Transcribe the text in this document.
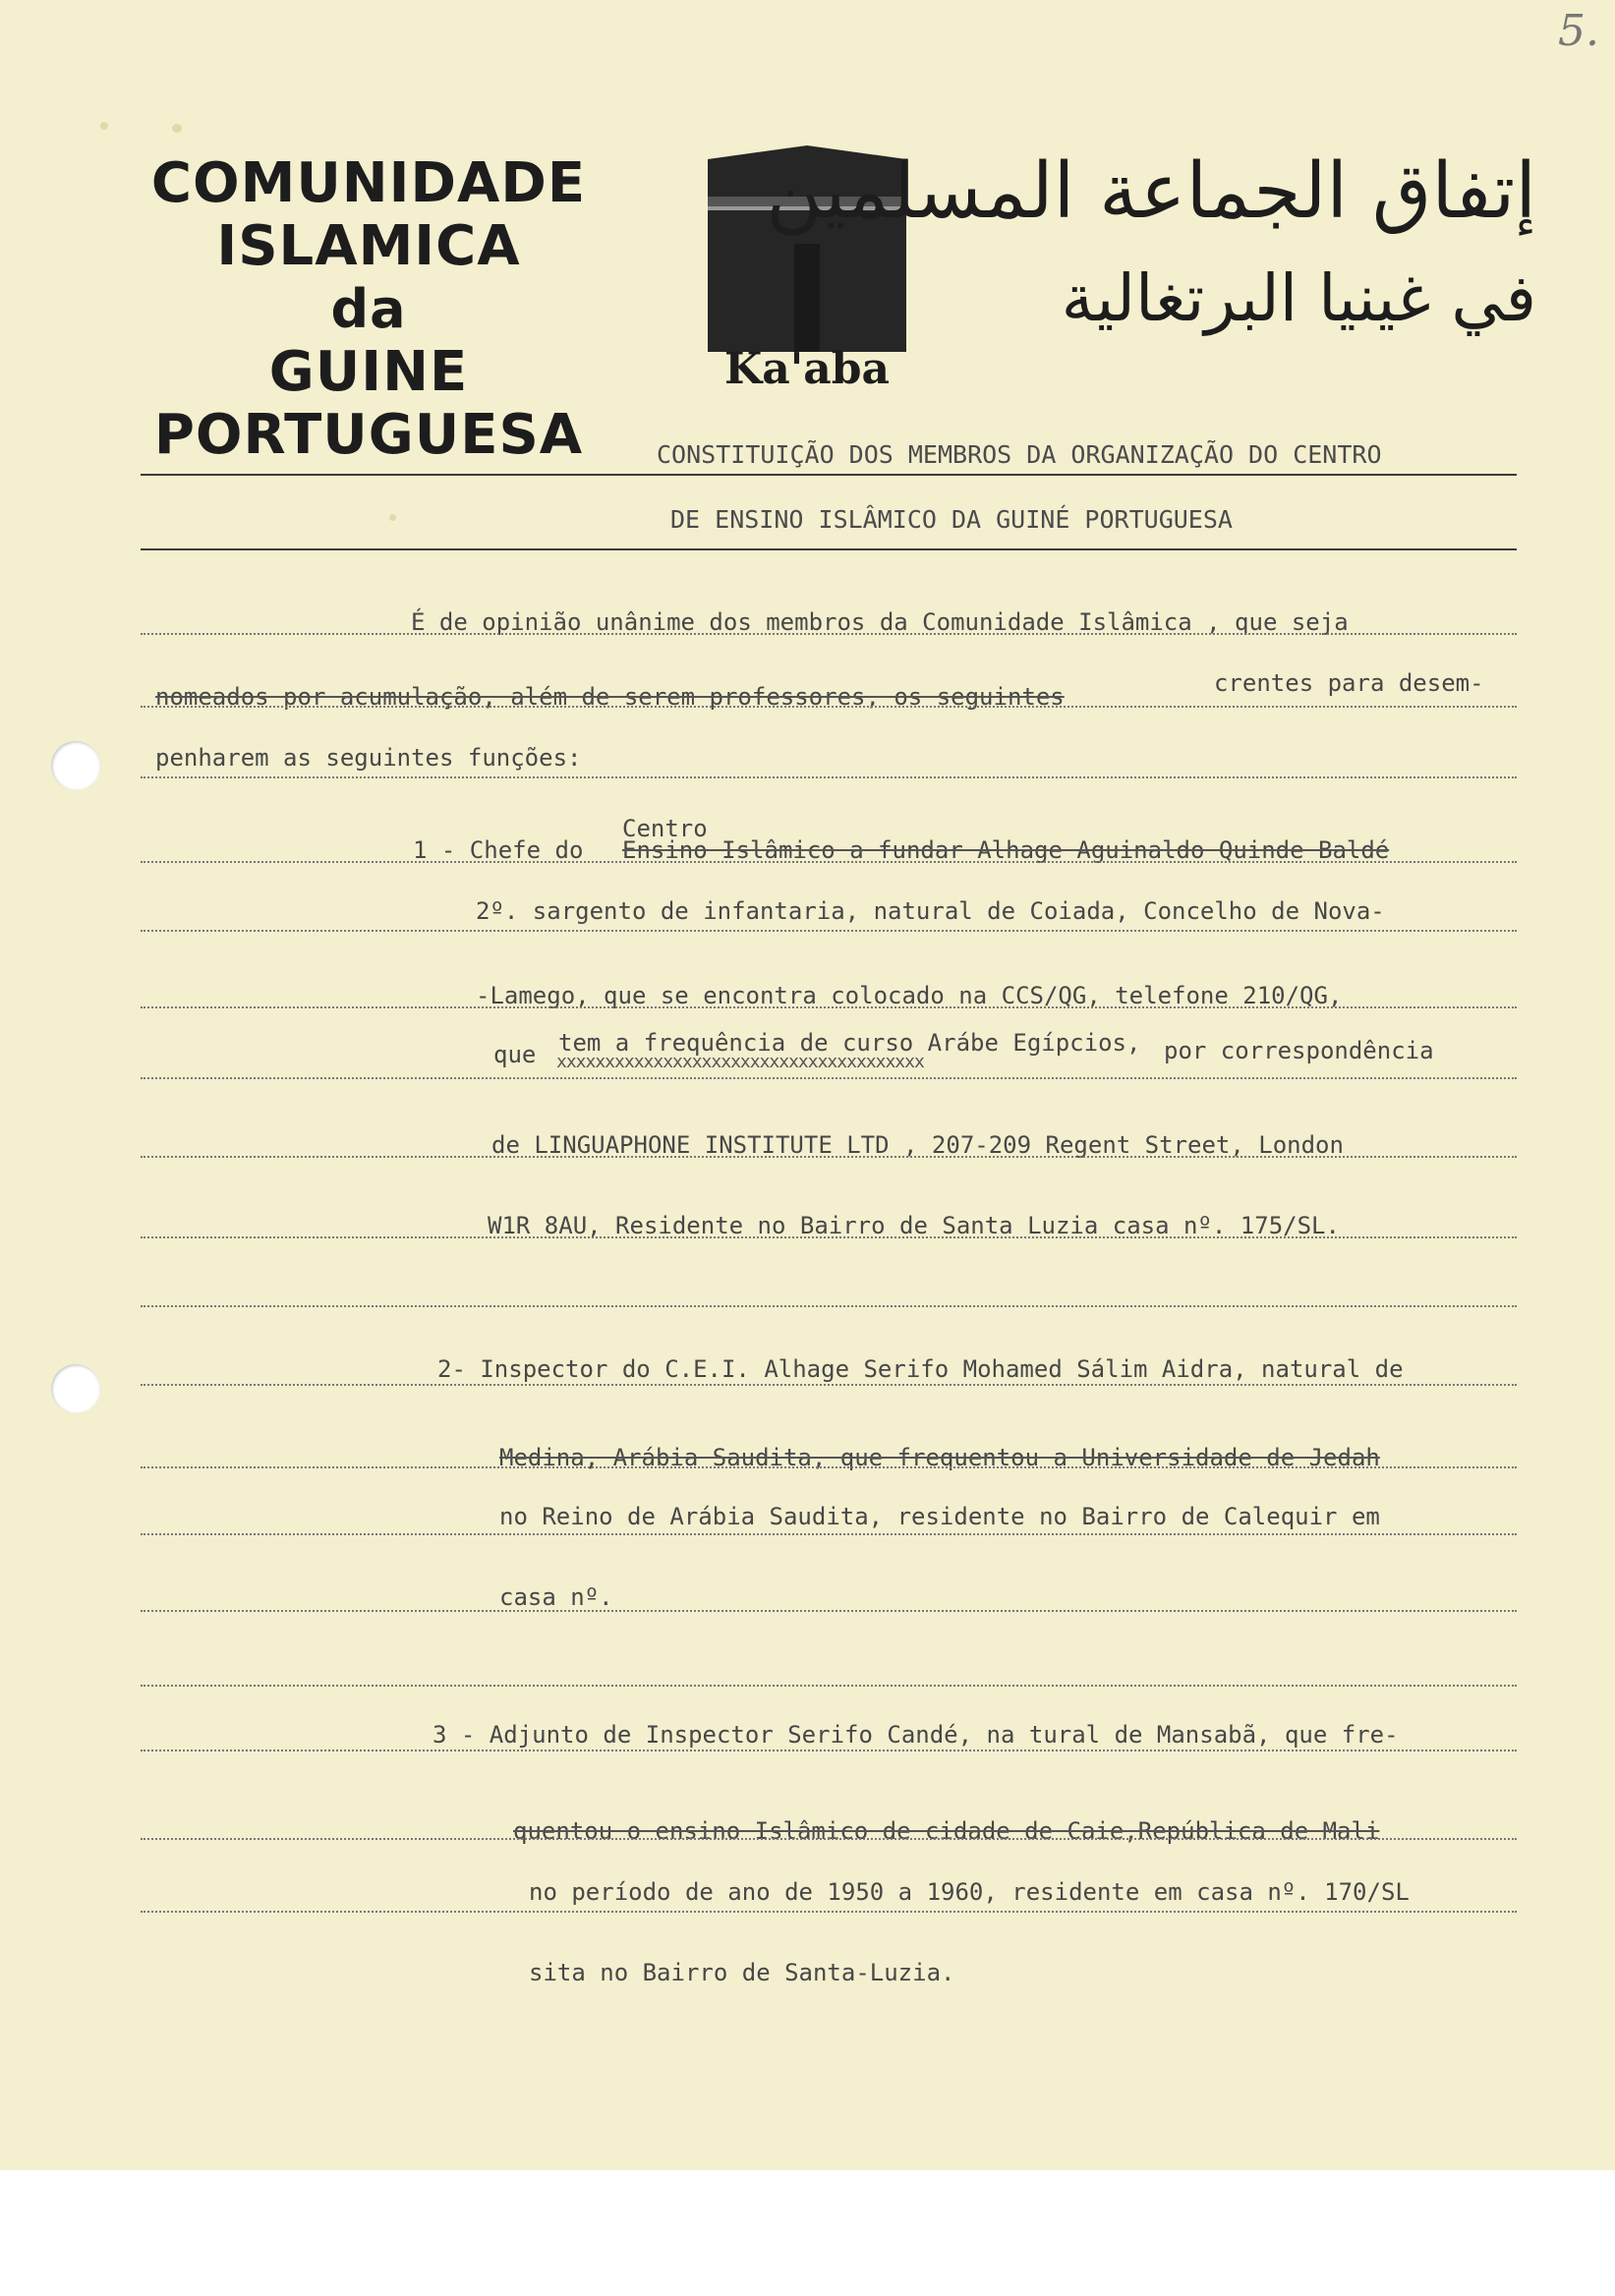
5.
COMUNIDADE ISLAMICA
da
GUINE PORTUGUESA
Ka'aba
إتفاق الجماعة المسلمين
في غينيا البرتغالية
CONSTITUIÇÃO DOS MEMBROS DA ORGANIZAÇÃO DO CENTRO
DE ENSINO ISLÂMICO DA GUINÉ PORTUGUESA
É de opinião unânime dos membros da Comunidade Islâmica , que seja
nomeados por acumulação, além de serem professores, os seguintes	crentes para desem-
penharem as seguintes funções:
Centro
1 - Chefe do Ensino Islâmico a fundar Alhage Aguinaldo Quinde Baldé
2º. sargento de infantaria, natural de Coiada, Concelho de Nova-
-Lamego, que se encontra colocado na CCS/QG, telefone 210/QG,
tem a frequência de curso Arábe Egípcios,
que xxxxxxxxxxxxxxxxxxxxxxxxxxxxxxxxxxxxxx	por correspondência
de LINGUAPHONE INSTITUTE LTD , 207-209 Regent Street, London
W1R 8AU, Residente no Bairro de Santa Luzia casa nº. 175/SL.
2- Inspector do C.E.I. Alhage Serifo Mohamed Sálim Aidra, natural de
Medina, Arábia Saudita, que frequentou a Universidade de Jedah
no Reino de Arábia Saudita, residente no Bairro de Calequir em
casa nº.
3 - Adjunto de Inspector Serifo Candé, na tural de Mansabã, que fre-
quentou o ensino Islâmico de cidade de Caie,República de Mali
no período de ano de 1950 a 1960, residente em casa nº. 170/SL
sita no Bairro de Santa-Luzia.
